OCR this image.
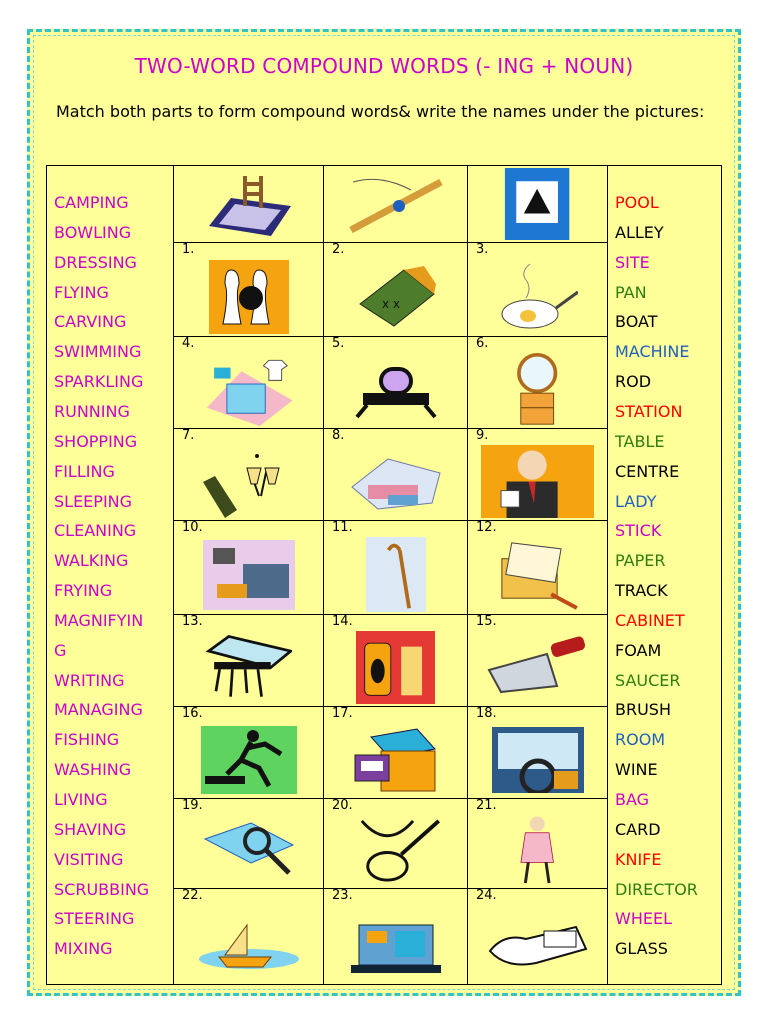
TWO-WORD COMPOUND WORDS (- ING + NOUN)
Match both parts to form compound words& write the names under the pictures:
CAMPING
BOWLING
DRESSING
FLYING
CARVING
SWIMMING
SPARKLING
RUNNING
SHOPPING
FILLING
SLEEPING
CLEANING
WALKING
FRYING
MAGNIFYIN
G
WRITING
MANAGING
FISHING
WASHING
LIVING
SHAVING
VISITING
SCRUBBING
STEERING
MIXING
POOL
ALLEY
SITE
PAN
BOAT
MACHINE
ROD
STATION
TABLE
CENTRE
LADY
STICK
PAPER
TRACK
CABINET
FOAM
SAUCER
BRUSH
ROOM
WINE
BAG
CARD
KNIFE
DIRECTOR
WHEEL
GLASS
1.	2.	3.
4.	5.	6.
7.	8.	9.
10.	11.	12.
13.	14.	15.
16.	17.	18.
19.	20.	21.
22.	23.	24.
x x
